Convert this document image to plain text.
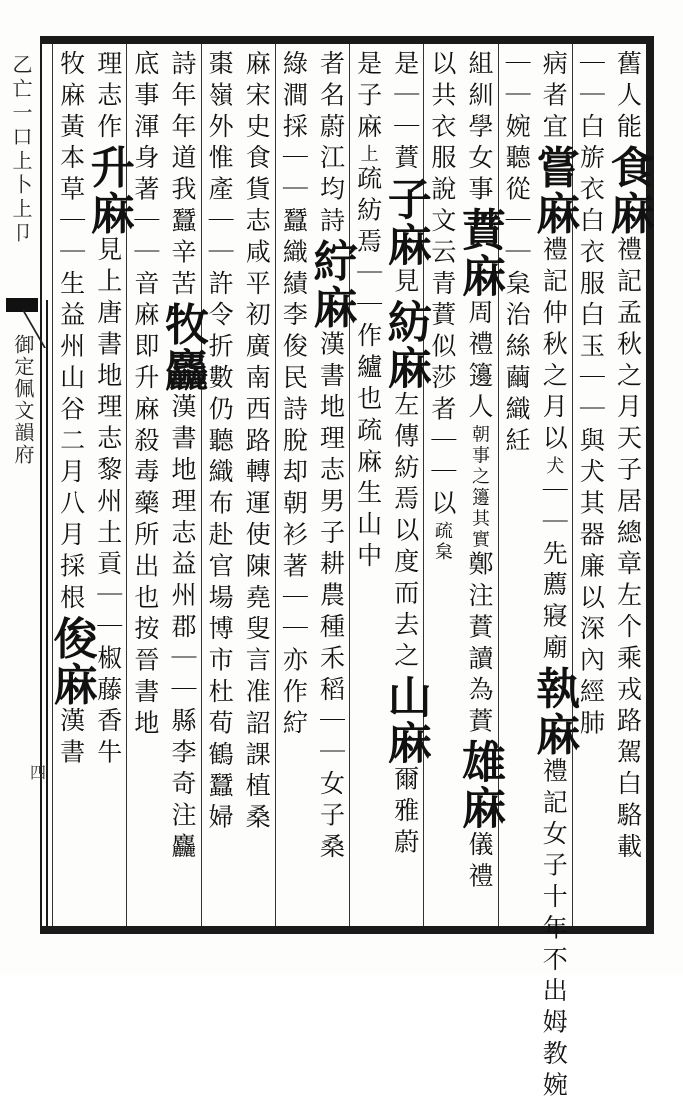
乙亡一口上卜上卩
御定佩文韻府
四
舊人能食麻禮記孟秋之月天子居總章左个乘戎路駕白駱載
｜｜白旂衣白衣服白玉｜｜與犬其器廉以深內經肺
病者宜嘗麻禮記仲秋之月以犬｜｜先薦寢廟執麻禮記女子十年不出姆教婉
｜｜婉聽從｜｜枲治絲繭織紝
組紃學女事蕡麻周禮籩人朝事之籩其實鄭注蕡讀為蕡雄麻儀禮
以共衣服說文云青蕡似莎者｜｜以疏枲
是｜｜蕡子麻見紡麻左傳紡焉以度而去之山麻爾雅蔚
是子麻上疏紡焉｜｜作纑也疏麻生山中
者名蔚江均詩紵麻漢書地理志男子耕農種禾稻｜｜女子桑
綠澗採｜｜蠶織績李俊民詩脫却朝衫著｜｜亦作紵
麻宋史食貨志咸平初廣南西路轉運使陳堯叟言准詔課植桑
棗嶺外惟產｜｜許令折數仍聽織布赴官場博市杜荀鶴蠶婦
詩年年道我蠶辛苦牧麤漢書地理志益州郡｜｜縣李奇注麤
底事渾身著｜｜音麻即升麻殺毒藥所出也按晉書地
理志作升麻見上唐書地理志黎州土貢｜｜椒藤香牛
牧麻黃本草｜｜生益州山谷二月八月採根俊麻漢書
